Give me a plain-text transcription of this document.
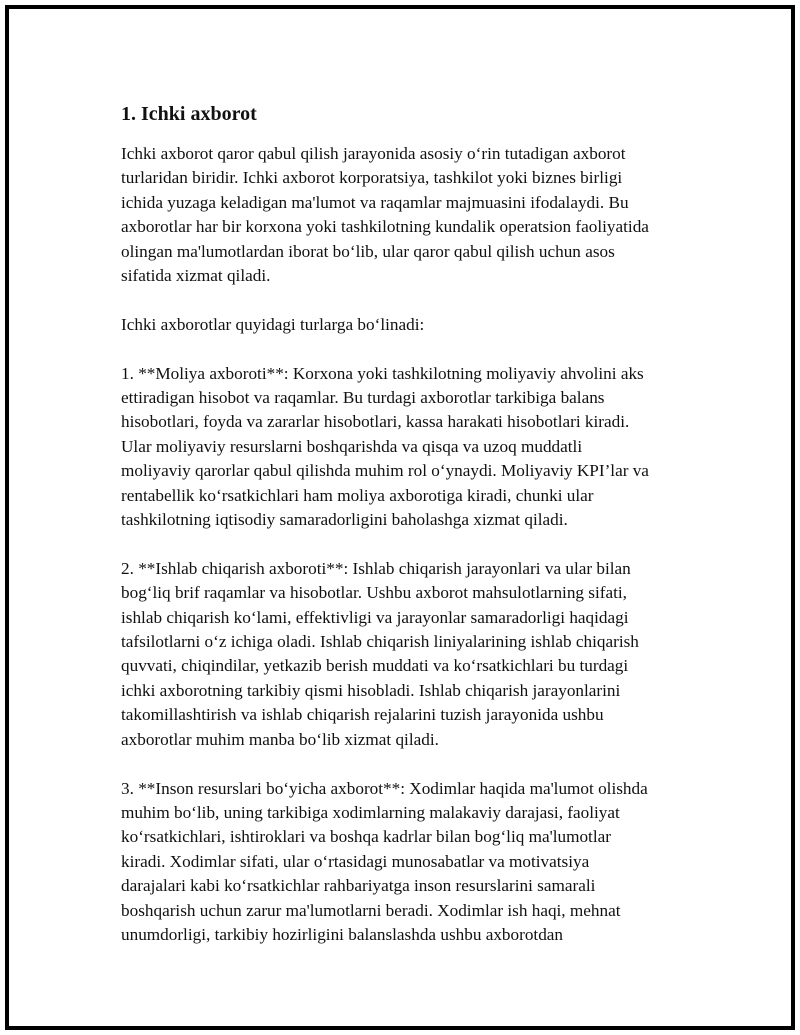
1. Ichki axborot
Ichki axborot qaror qabul qilish jarayonida asosiy oʻrin tutadigan axborot
turlaridan biridir. Ichki axborot korporatsiya, tashkilot yoki biznes birligi
ichida yuzaga keladigan ma'lumot va raqamlar majmuasini ifodalaydi. Bu
axborotlar har bir korxona yoki tashkilotning kundalik operatsion faoliyatida
olingan ma'lumotlardan iborat boʻlib, ular qaror qabul qilish uchun asos
sifatida xizmat qiladi.
Ichki axborotlar quyidagi turlarga boʻlinadi:
1. **Moliya axboroti**: Korxona yoki tashkilotning moliyaviy ahvolini aks
ettiradigan hisobot va raqamlar. Bu turdagi axborotlar tarkibiga balans
hisobotlari, foyda va zararlar hisobotlari, kassa harakati hisobotlari kiradi.
Ular moliyaviy resurslarni boshqarishda va qisqa va uzoq muddatli
moliyaviy qarorlar qabul qilishda muhim rol oʻynaydi. Moliyaviy KPI’lar va
rentabellik koʻrsatkichlari ham moliya axborotiga kiradi, chunki ular
tashkilotning iqtisodiy samaradorligini baholashga xizmat qiladi.
2. **Ishlab chiqarish axboroti**: Ishlab chiqarish jarayonlari va ular bilan
bogʻliq brif raqamlar va hisobotlar. Ushbu axborot mahsulotlarning sifati,
ishlab chiqarish koʻlami, effektivligi va jarayonlar samaradorligi haqidagi
tafsilotlarni oʻz ichiga oladi. Ishlab chiqarish liniyalarining ishlab chiqarish
quvvati, chiqindilar, yetkazib berish muddati va koʻrsatkichlari bu turdagi
ichki axborotning tarkibiy qismi hisobladi. Ishlab chiqarish jarayonlarini
takomillashtirish va ishlab chiqarish rejalarini tuzish jarayonida ushbu
axborotlar muhim manba boʻlib xizmat qiladi.
3. **Inson resurslari boʻyicha axborot**: Xodimlar haqida ma'lumot olishda
muhim boʻlib, uning tarkibiga xodimlarning malakaviy darajasi, faoliyat
koʻrsatkichlari, ishtiroklari va boshqa kadrlar bilan bogʻliq ma'lumotlar
kiradi. Xodimlar sifati, ular oʻrtasidagi munosabatlar va motivatsiya
darajalari kabi koʻrsatkichlar rahbariyatga inson resurslarini samarali
boshqarish uchun zarur ma'lumotlarni beradi. Xodimlar ish haqi, mehnat
unumdorligi, tarkibiy hozirligini balanslashda ushbu axborotdan
